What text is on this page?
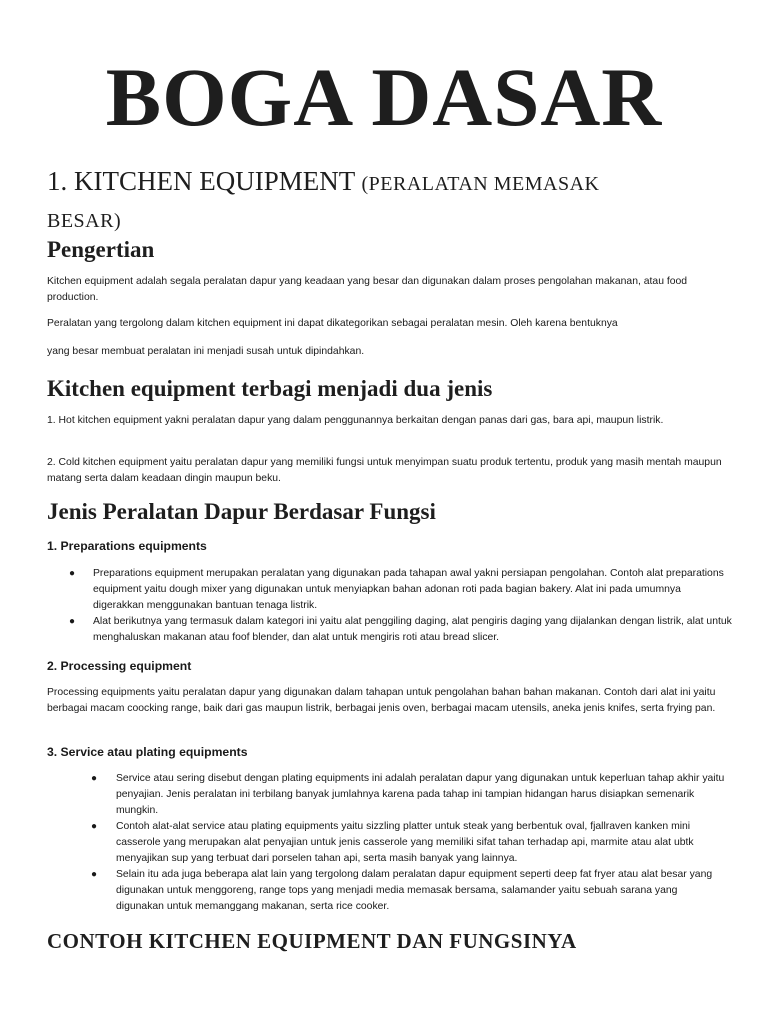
BOGA DASAR
1. KITCHEN EQUIPMENT (PERALATAN MEMASAK
BESAR)
Pengertian

Kitchen equipment adalah segala peralatan dapur yang keadaan yang besar dan digunakan dalam proses pengolahan makanan, atau food production.

Peralatan yang tergolong dalam kitchen equipment ini dapat dikategorikan sebagai peralatan mesin. Oleh karena bentuknya

yang besar membuat peralatan ini menjadi susah untuk dipindahkan.

Kitchen equipment terbagi menjadi dua jenis

1. Hot kitchen equipment yakni peralatan dapur yang dalam penggunannya berkaitan dengan panas dari gas, bara api, maupun listrik.

2. Cold kitchen equipment yaitu peralatan dapur yang memiliki fungsi untuk menyimpan suatu produk tertentu, produk yang masih mentah maupun matang serta dalam keadaan dingin maupun beku.

Jenis Peralatan Dapur Berdasar Fungsi
1. Preparations equipments
● Preparations equipment merupakan peralatan yang digunakan pada tahapan awal yakni persiapan pengolahan. Contoh alat preparations equipment yaitu dough mixer yang digunakan untuk menyiapkan bahan adonan roti pada bagian bakery. Alat ini pada umumnya digerakkan menggunakan bantuan tenaga listrik.
● Alat berikutnya yang termasuk dalam kategori ini yaitu alat penggiling daging, alat pengiris daging yang dijalankan dengan listrik, alat untuk menghaluskan makanan atau foof blender, dan alat untuk mengiris roti atau bread slicer.
2. Processing equipment

Processing equipments yaitu peralatan dapur yang digunakan dalam tahapan untuk pengolahan bahan bahan makanan. Contoh dari alat ini yaitu berbagai macam coocking range, baik dari gas maupun listrik, berbagai jenis oven, berbagai macam utensils, aneka jenis knifes, serta frying pan.

3. Service atau plating equipments
● Service atau sering disebut dengan plating equipments ini adalah peralatan dapur yang digunakan untuk keperluan tahap akhir yaitu penyajian. Jenis peralatan ini terbilang banyak jumlahnya karena pada tahap ini tampian hidangan harus disiapkan semenarik mungkin.
● Contoh alat-alat service atau plating equipments yaitu sizzling platter untuk steak yang berbentuk oval, fjallraven kanken mini casserole yang merupakan alat penyajian untuk jenis casserole yang memiliki sifat tahan terhadap api, marmite atau alat ubtk menyajikan sup yang terbuat dari porselen tahan api, serta masih banyak yang lainnya.
● Selain itu ada juga beberapa alat lain yang tergolong dalam peralatan dapur equipment seperti deep fat fryer atau alat besar yang digunakan untuk menggoreng, range tops yang menjadi media memasak bersama, salamander yaitu sebuah sarana yang digunakan untuk memanggang makanan, serta rice cooker.
CONTOH KITCHEN EQUIPMENT DAN FUNGSINYA
